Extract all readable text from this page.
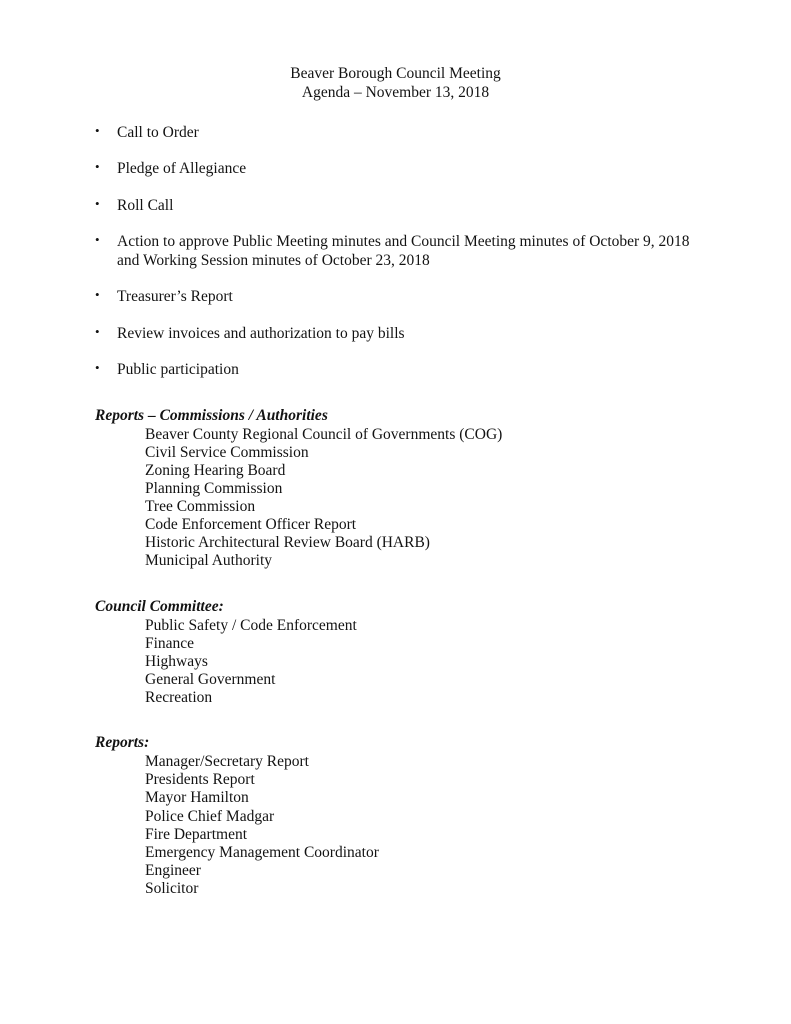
Beaver Borough Council Meeting
Agenda – November 13, 2018
• Call to Order
• Pledge of Allegiance
• Roll Call
• Action to approve Public Meeting minutes and Council Meeting minutes of October 9, 2018 and Working Session minutes of October 23, 2018
• Treasurer’s Report
• Review invoices and authorization to pay bills
• Public participation
Reports – Commissions / Authorities
Beaver County Regional Council of Governments (COG)
Civil Service Commission
Zoning Hearing Board
Planning Commission
Tree Commission
Code Enforcement Officer Report
Historic Architectural Review Board (HARB)
Municipal Authority
Council Committee:
Public Safety / Code Enforcement
Finance
Highways
General Government
Recreation
Reports:
Manager/Secretary Report
Presidents Report
Mayor Hamilton
Police Chief Madgar
Fire Department
Emergency Management Coordinator
Engineer
Solicitor
